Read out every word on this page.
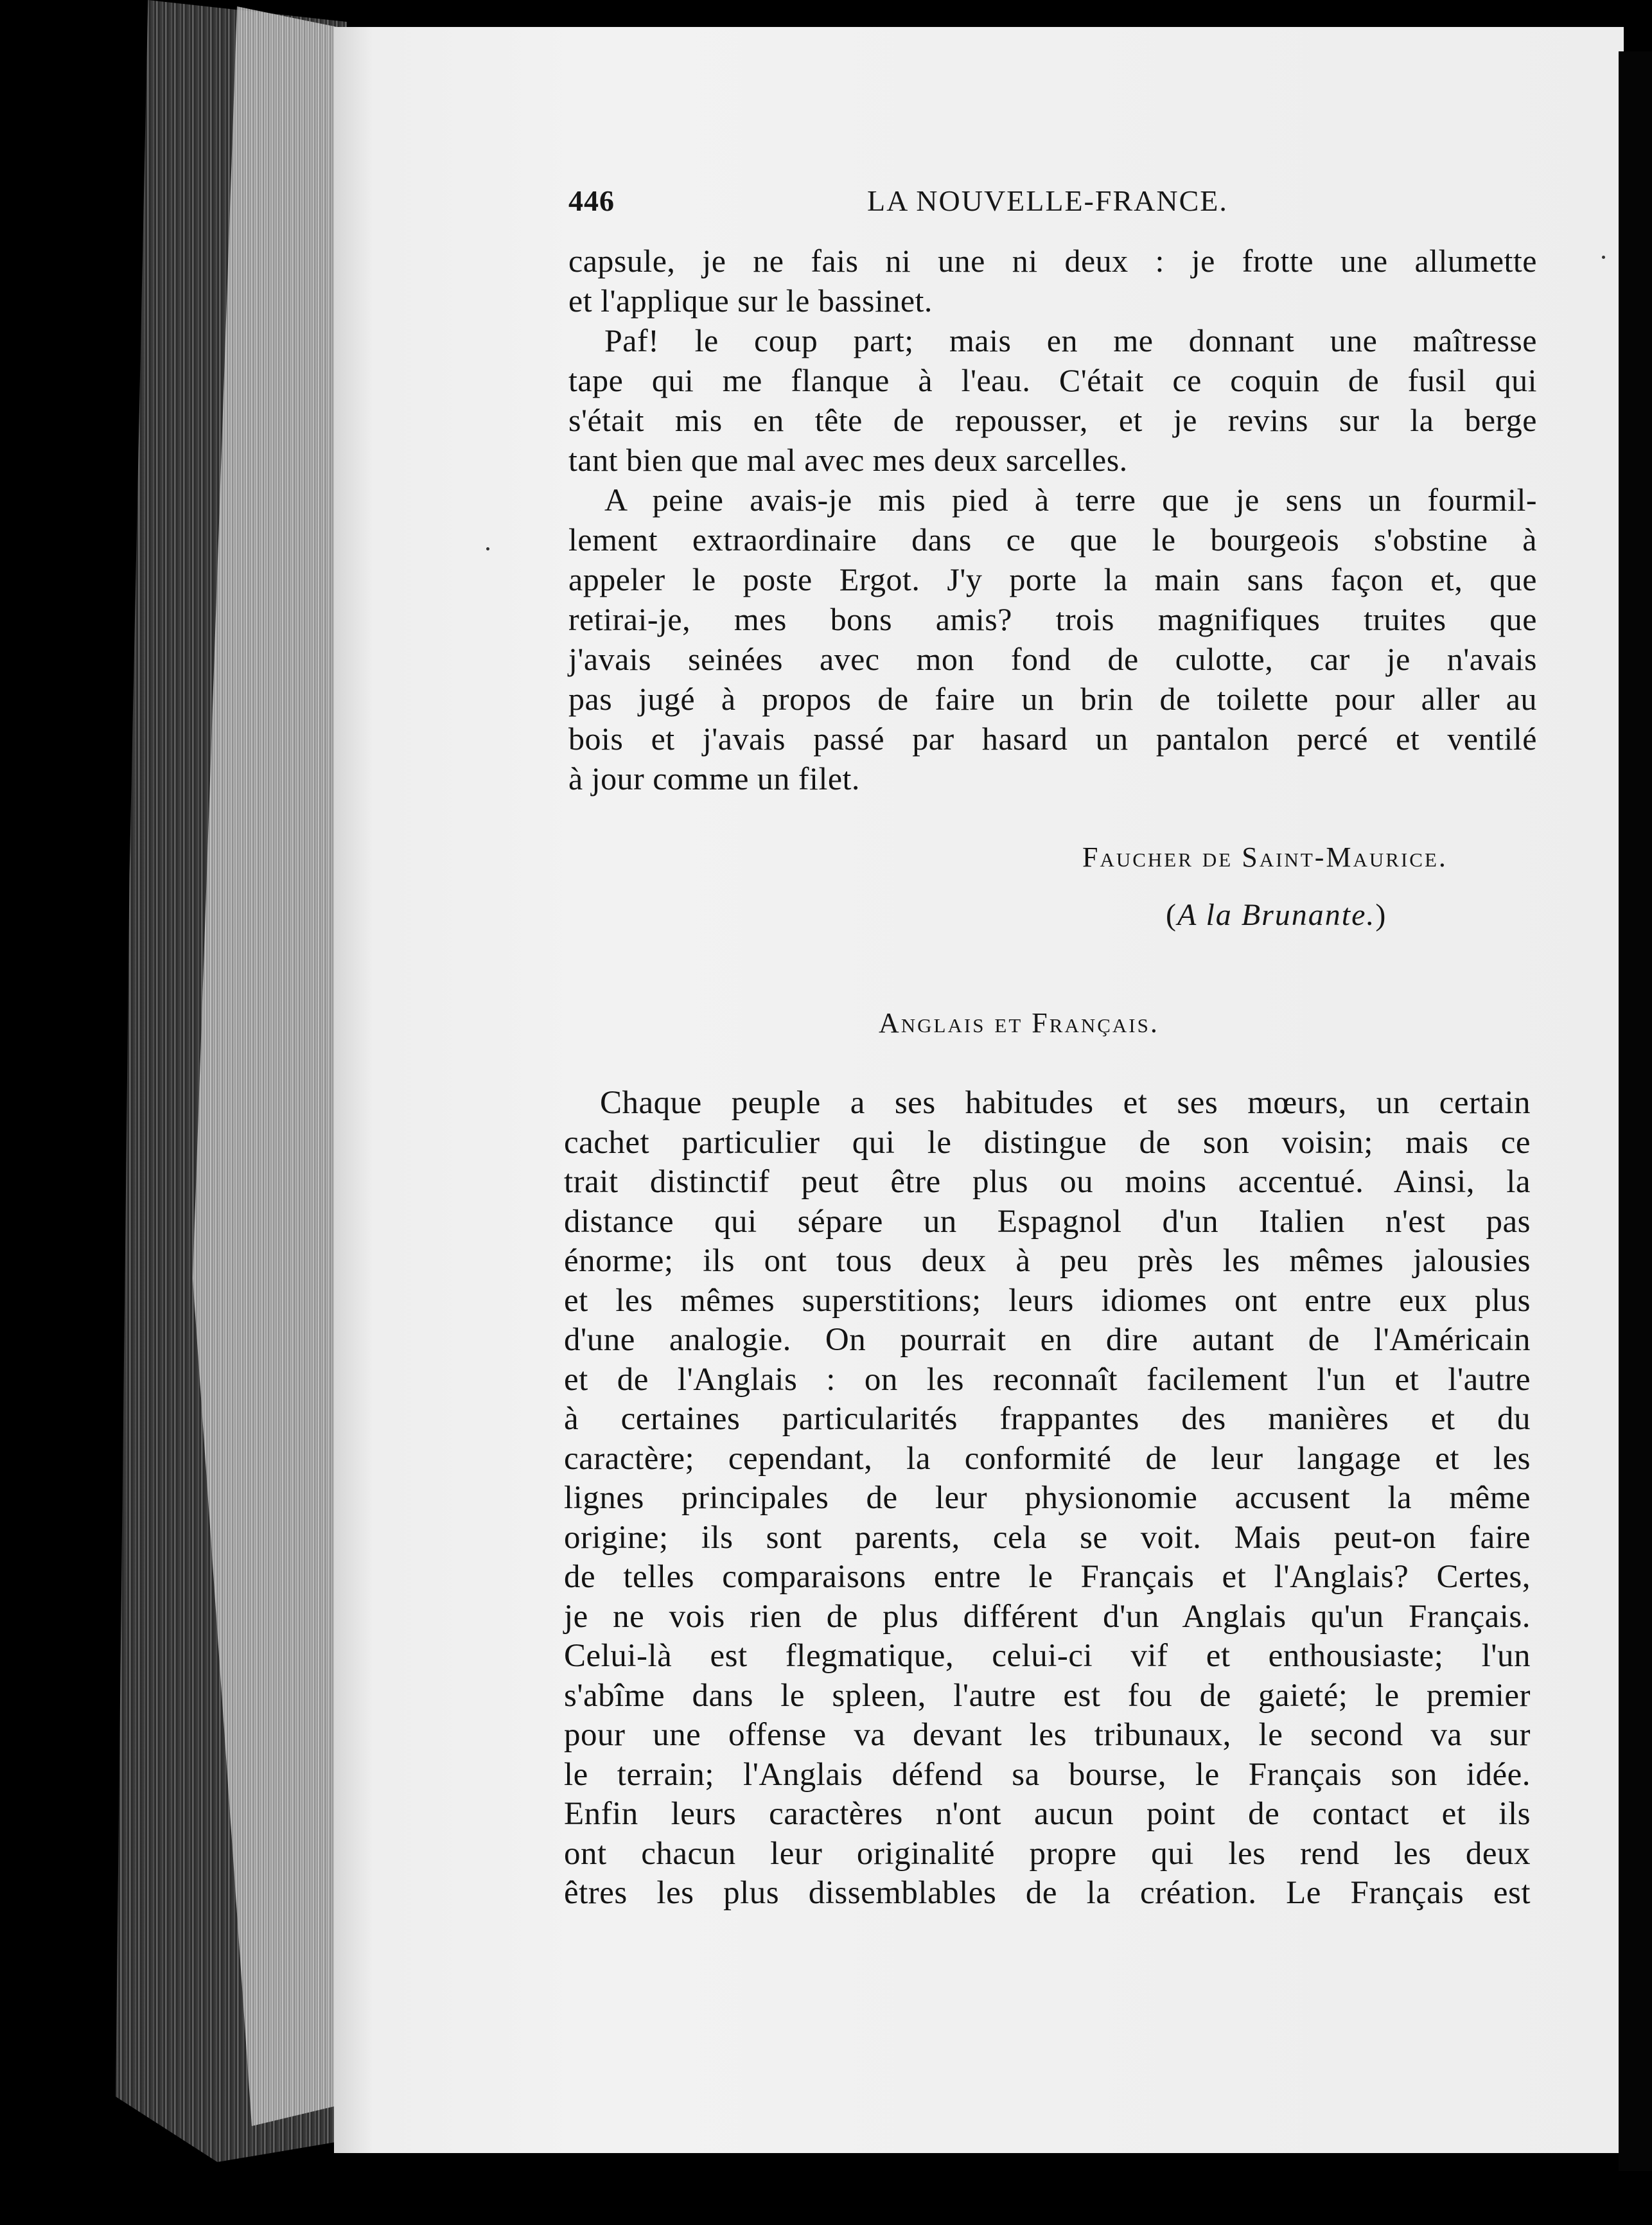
446	LA NOUVELLE-FRANCE.
capsule, je ne fais ni une ni deux : je frotte une allumette
et l'applique sur le bassinet.
Paf! le coup part; mais en me donnant une maîtresse
tape qui me flanque à l'eau. C'était ce coquin de fusil qui
s'était mis en tête de repousser, et je revins sur la berge
tant bien que mal avec mes deux sarcelles.
A peine avais-je mis pied à terre que je sens un fourmil-
lement extraordinaire dans ce que le bourgeois s'obstine à
appeler le poste Ergot. J'y porte la main sans façon et, que
retirai-je, mes bons amis? trois magnifiques truites que
j'avais seinées avec mon fond de culotte, car je n'avais
pas jugé à propos de faire un brin de toilette pour aller au
bois et j'avais passé par hasard un pantalon percé et ventilé
à jour comme un filet.

Faucher de Saint-Maurice.

(A la Brunante.)

Anglais et Français.

Chaque peuple a ses habitudes et ses mœurs, un certain
cachet particulier qui le distingue de son voisin; mais ce
trait distinctif peut être plus ou moins accentué. Ainsi, la
distance qui sépare un Espagnol d'un Italien n'est pas
énorme; ils ont tous deux à peu près les mêmes jalousies
et les mêmes superstitions; leurs idiomes ont entre eux plus
d'une analogie. On pourrait en dire autant de l'Américain
et de l'Anglais : on les reconnaît facilement l'un et l'autre
à certaines particularités frappantes des manières et du
caractère; cependant, la conformité de leur langage et les
lignes principales de leur physionomie accusent la même
origine; ils sont parents, cela se voit. Mais peut-on faire
de telles comparaisons entre le Français et l'Anglais? Certes,
je ne vois rien de plus différent d'un Anglais qu'un Français.
Celui-là est flegmatique, celui-ci vif et enthousiaste; l'un
s'abîme dans le spleen, l'autre est fou de gaieté; le premier
pour une offense va devant les tribunaux, le second va sur
le terrain; l'Anglais défend sa bourse, le Français son idée.
Enfin leurs caractères n'ont aucun point de contact et ils
ont chacun leur originalité propre qui les rend les deux
êtres les plus dissemblables de la création. Le Français est
